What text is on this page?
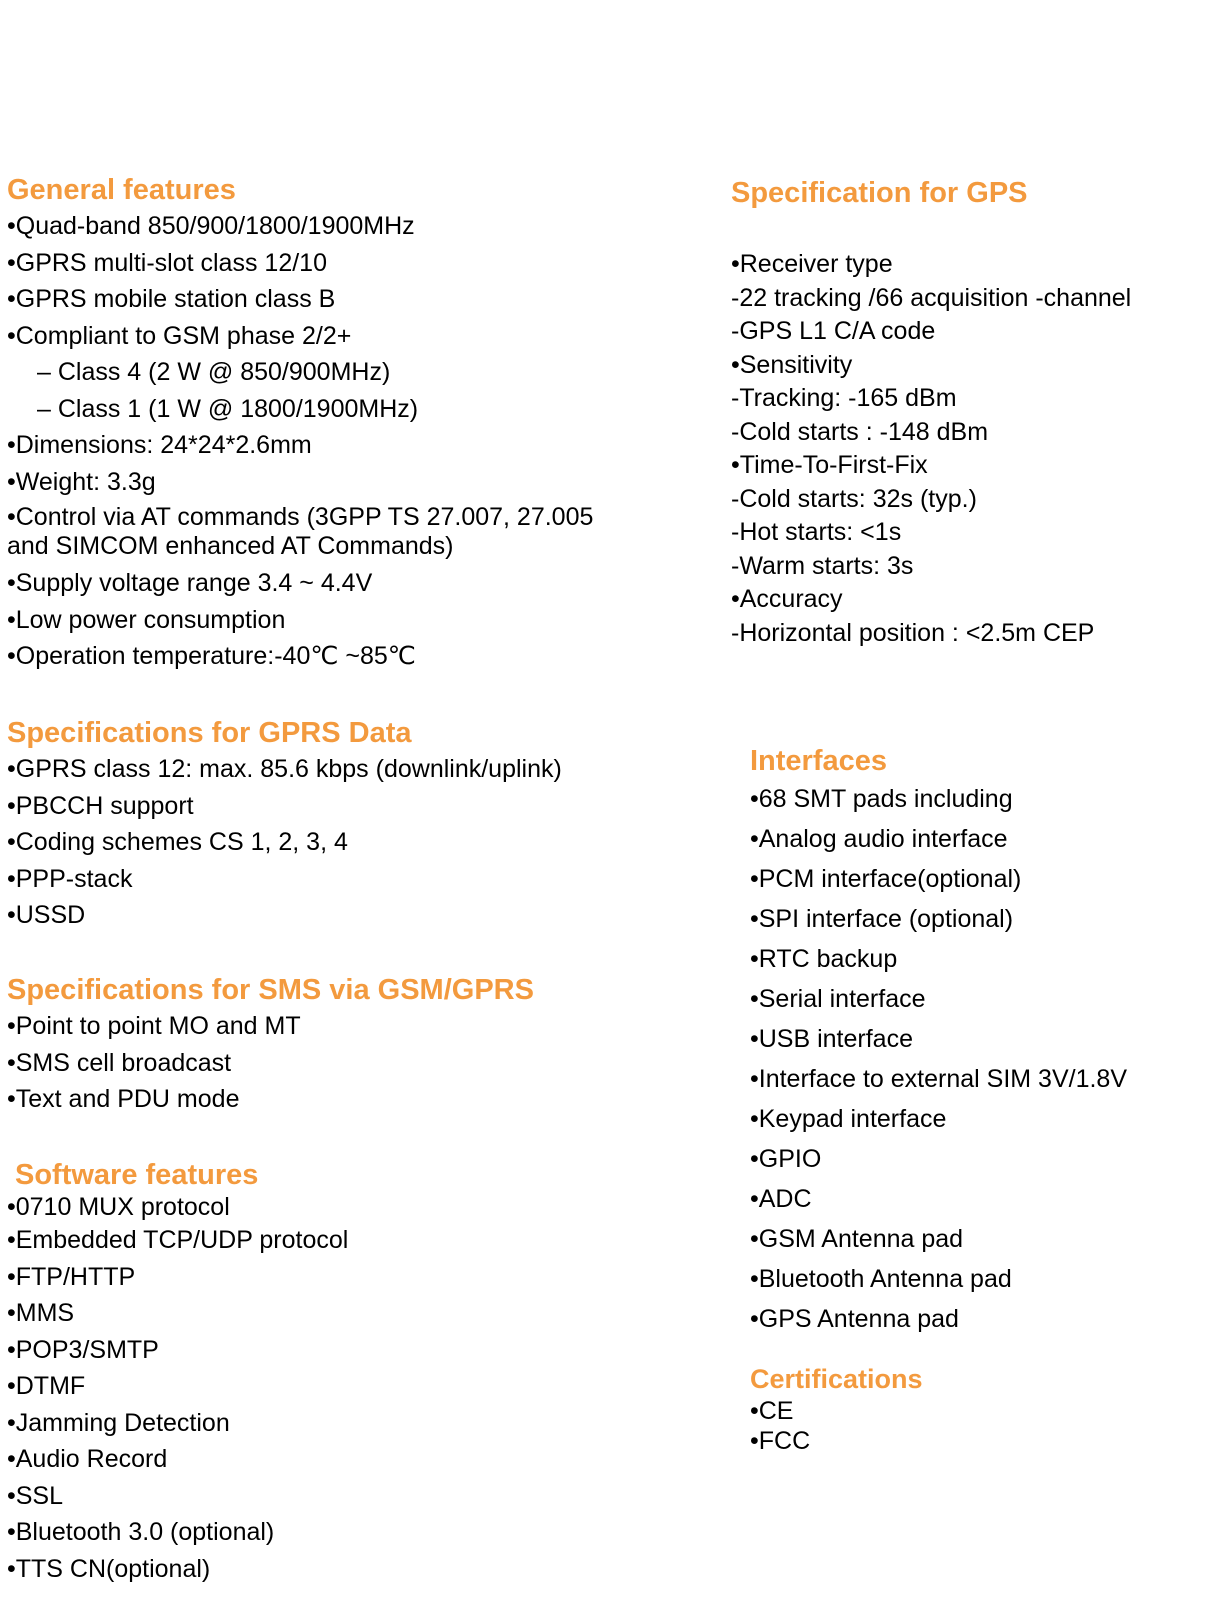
General features
•Quad-band 850/900/1800/1900MHz
•GPRS multi-slot class 12/10
•GPRS mobile station class B
•Compliant to GSM phase 2/2+
– Class 4 (2 W @ 850/900MHz)
– Class 1 (1 W @ 1800/1900MHz)
•Dimensions: 24*24*2.6mm
•Weight: 3.3g
•Control via AT commands (3GPP TS 27.007, 27.005 and SIMCOM enhanced AT Commands)
•Supply voltage range 3.4 ~ 4.4V
•Low power consumption
•Operation temperature:-40℃ ~85℃
Specifications for GPRS Data
•GPRS class 12: max. 85.6 kbps (downlink/uplink)
•PBCCH support
•Coding schemes CS 1, 2, 3, 4
•PPP-stack
•USSD
Specifications for SMS via GSM/GPRS
•Point to point MO and MT
•SMS cell broadcast
•Text and PDU mode
Software features
•0710 MUX protocol
•Embedded TCP/UDP protocol
•FTP/HTTP
•MMS
•POP3/SMTP
•DTMF
•Jamming Detection
•Audio Record
•SSL
•Bluetooth 3.0 (optional)
•TTS CN(optional)
Specification for GPS
•Receiver type
-22 tracking /66 acquisition -channel
-GPS L1 C/A code
•Sensitivity
-Tracking: -165 dBm
-Cold starts : -148 dBm
•Time-To-First-Fix
-Cold starts: 32s (typ.)
-Hot starts: <1s
-Warm starts: 3s
•Accuracy
-Horizontal position : <2.5m CEP
Interfaces
•68 SMT pads including
•Analog audio interface
•PCM interface(optional)
•SPI interface (optional)
•RTC backup
•Serial interface
•USB interface
•Interface to external SIM 3V/1.8V
•Keypad interface
•GPIO
•ADC
•GSM Antenna pad
•Bluetooth Antenna pad
•GPS Antenna pad
Certifications
•CE
•FCC
